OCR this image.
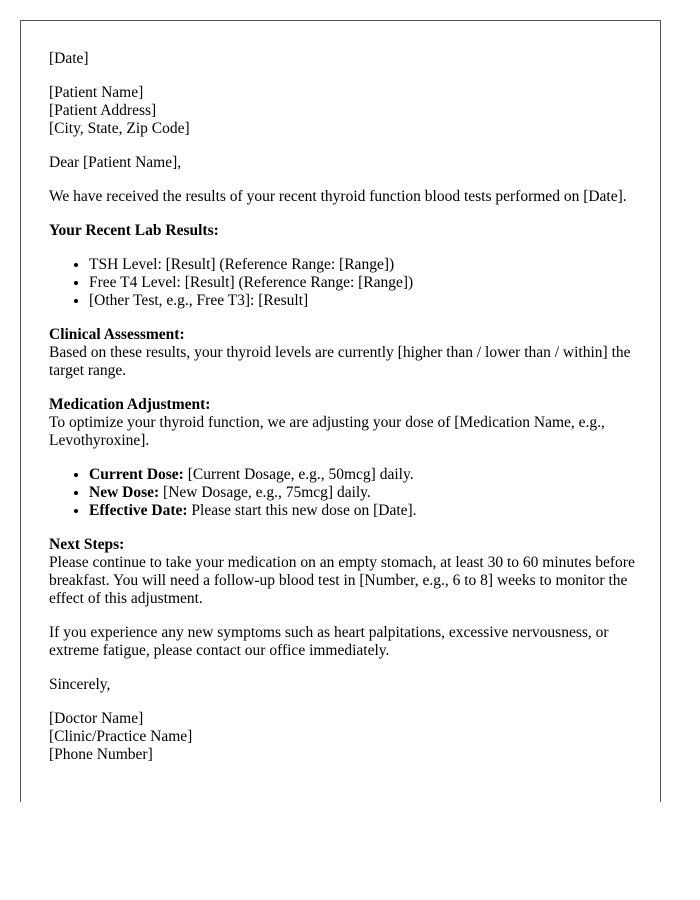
[Date]

[Patient Name]
[Patient Address]
[City, State, Zip Code]

Dear [Patient Name],

We have received the results of your recent thyroid function blood tests performed on [Date].

Your Recent Lab Results:

• TSH Level: [Result] (Reference Range: [Range])
• Free T4 Level: [Result] (Reference Range: [Range])
• [Other Test, e.g., Free T3]: [Result]

Clinical Assessment:
Based on these results, your thyroid levels are currently [higher than / lower than / within] the target range.

Medication Adjustment:
To optimize your thyroid function, we are adjusting your dose of [Medication Name, e.g., Levothyroxine].

• Current Dose: [Current Dosage, e.g., 50mcg] daily.
• New Dose: [New Dosage, e.g., 75mcg] daily.
• Effective Date: Please start this new dose on [Date].

Next Steps:
Please continue to take your medication on an empty stomach, at least 30 to 60 minutes before breakfast. You will need a follow-up blood test in [Number, e.g., 6 to 8] weeks to monitor the effect of this adjustment.

If you experience any new symptoms such as heart palpitations, excessive nervousness, or extreme fatigue, please contact our office immediately.

Sincerely,

[Doctor Name]
[Clinic/Practice Name]
[Phone Number]
